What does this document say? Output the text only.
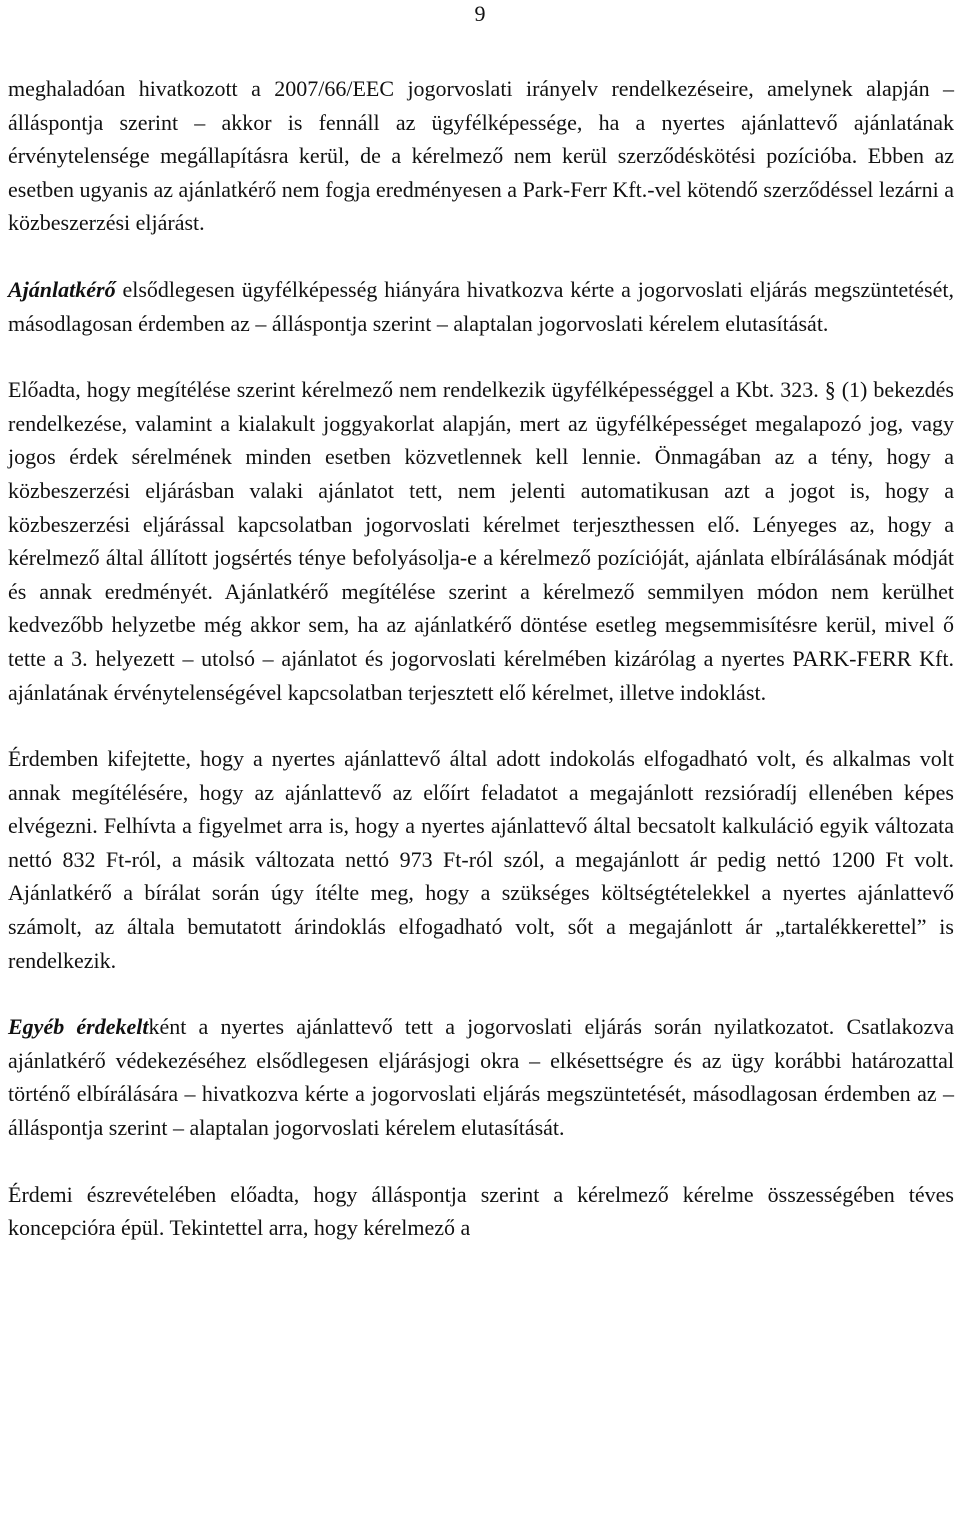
9

meghaladóan hivatkozott a 2007/66/EEC jogorvoslati irányelv rendelkezéseire, amelynek alapján – álláspontja szerint – akkor is fennáll az ügyfélképessége, ha a nyertes ajánlattevő ajánlatának érvénytelensége megállapításra kerül, de a kérelmező nem kerül szerződéskötési pozícióba. Ebben az esetben ugyanis az ajánlatkérő nem fogja eredményesen a Park-Ferr Kft.-vel kötendő szerződéssel lezárni a közbeszerzési eljárást.

Ajánlatkérő elsődlegesen ügyfélképesség hiányára hivatkozva kérte a jogorvoslati eljárás megszüntetését, másodlagosan érdemben az – álláspontja szerint – alaptalan jogorvoslati kérelem elutasítását.

Előadta, hogy megítélése szerint kérelmező nem rendelkezik ügyfélképességgel a Kbt. 323. § (1) bekezdés rendelkezése, valamint a kialakult joggyakorlat alapján, mert az ügyfélképességet megalapozó jog, vagy jogos érdek sérelmének minden esetben közvetlennek kell lennie. Önmagában az a tény, hogy a közbeszerzési eljárásban valaki ajánlatot tett, nem jelenti automatikusan azt a jogot is, hogy a közbeszerzési eljárással kapcsolatban jogorvoslati kérelmet terjeszthessen elő. Lényeges az, hogy a kérelmező által állított jogsértés ténye befolyásolja-e a kérelmező pozícióját, ajánlata elbírálásának módját és annak eredményét. Ajánlatkérő megítélése szerint a kérelmező semmilyen módon nem kerülhet kedvezőbb helyzetbe még akkor sem, ha az ajánlatkérő döntése esetleg megsemmisítésre kerül, mivel ő tette a 3. helyezett – utolsó – ajánlatot és jogorvoslati kérelmében kizárólag a nyertes PARK-FERR Kft. ajánlatának érvénytelenségével kapcsolatban terjesztett elő kérelmet, illetve indoklást.

Érdemben kifejtette, hogy a nyertes ajánlattevő által adott indokolás elfogadható volt, és alkalmas volt annak megítélésére, hogy az ajánlattevő az előírt feladatot a megajánlott rezsióradíj ellenében képes elvégezni. Felhívta a figyelmet arra is, hogy a nyertes ajánlattevő által becsatolt kalkuláció egyik változata nettó 832 Ft-ról, a másik változata nettó 973 Ft-ról szól, a megajánlott ár pedig nettó 1200 Ft volt. Ajánlatkérő a bírálat során úgy ítélte meg, hogy a szükséges költségtételekkel a nyertes ajánlattevő számolt, az általa bemutatott árindoklás elfogadható volt, sőt a megajánlott ár „tartalékkerettel” is rendelkezik.

Egyéb érdekeltként a nyertes ajánlattevő tett a jogorvoslati eljárás során nyilatkozatot. Csatlakozva ajánlatkérő védekezéséhez elsődlegesen eljárásjogi okra – elkésettségre és az ügy korábbi határozattal történő elbírálására – hivatkozva kérte a jogorvoslati eljárás megszüntetését, másodlagosan érdemben az – álláspontja szerint – alaptalan jogorvoslati kérelem elutasítását.

Érdemi észrevételében előadta, hogy álláspontja szerint a kérelmező kérelme összességében téves koncepcióra épül. Tekintettel arra, hogy kérelmező a
